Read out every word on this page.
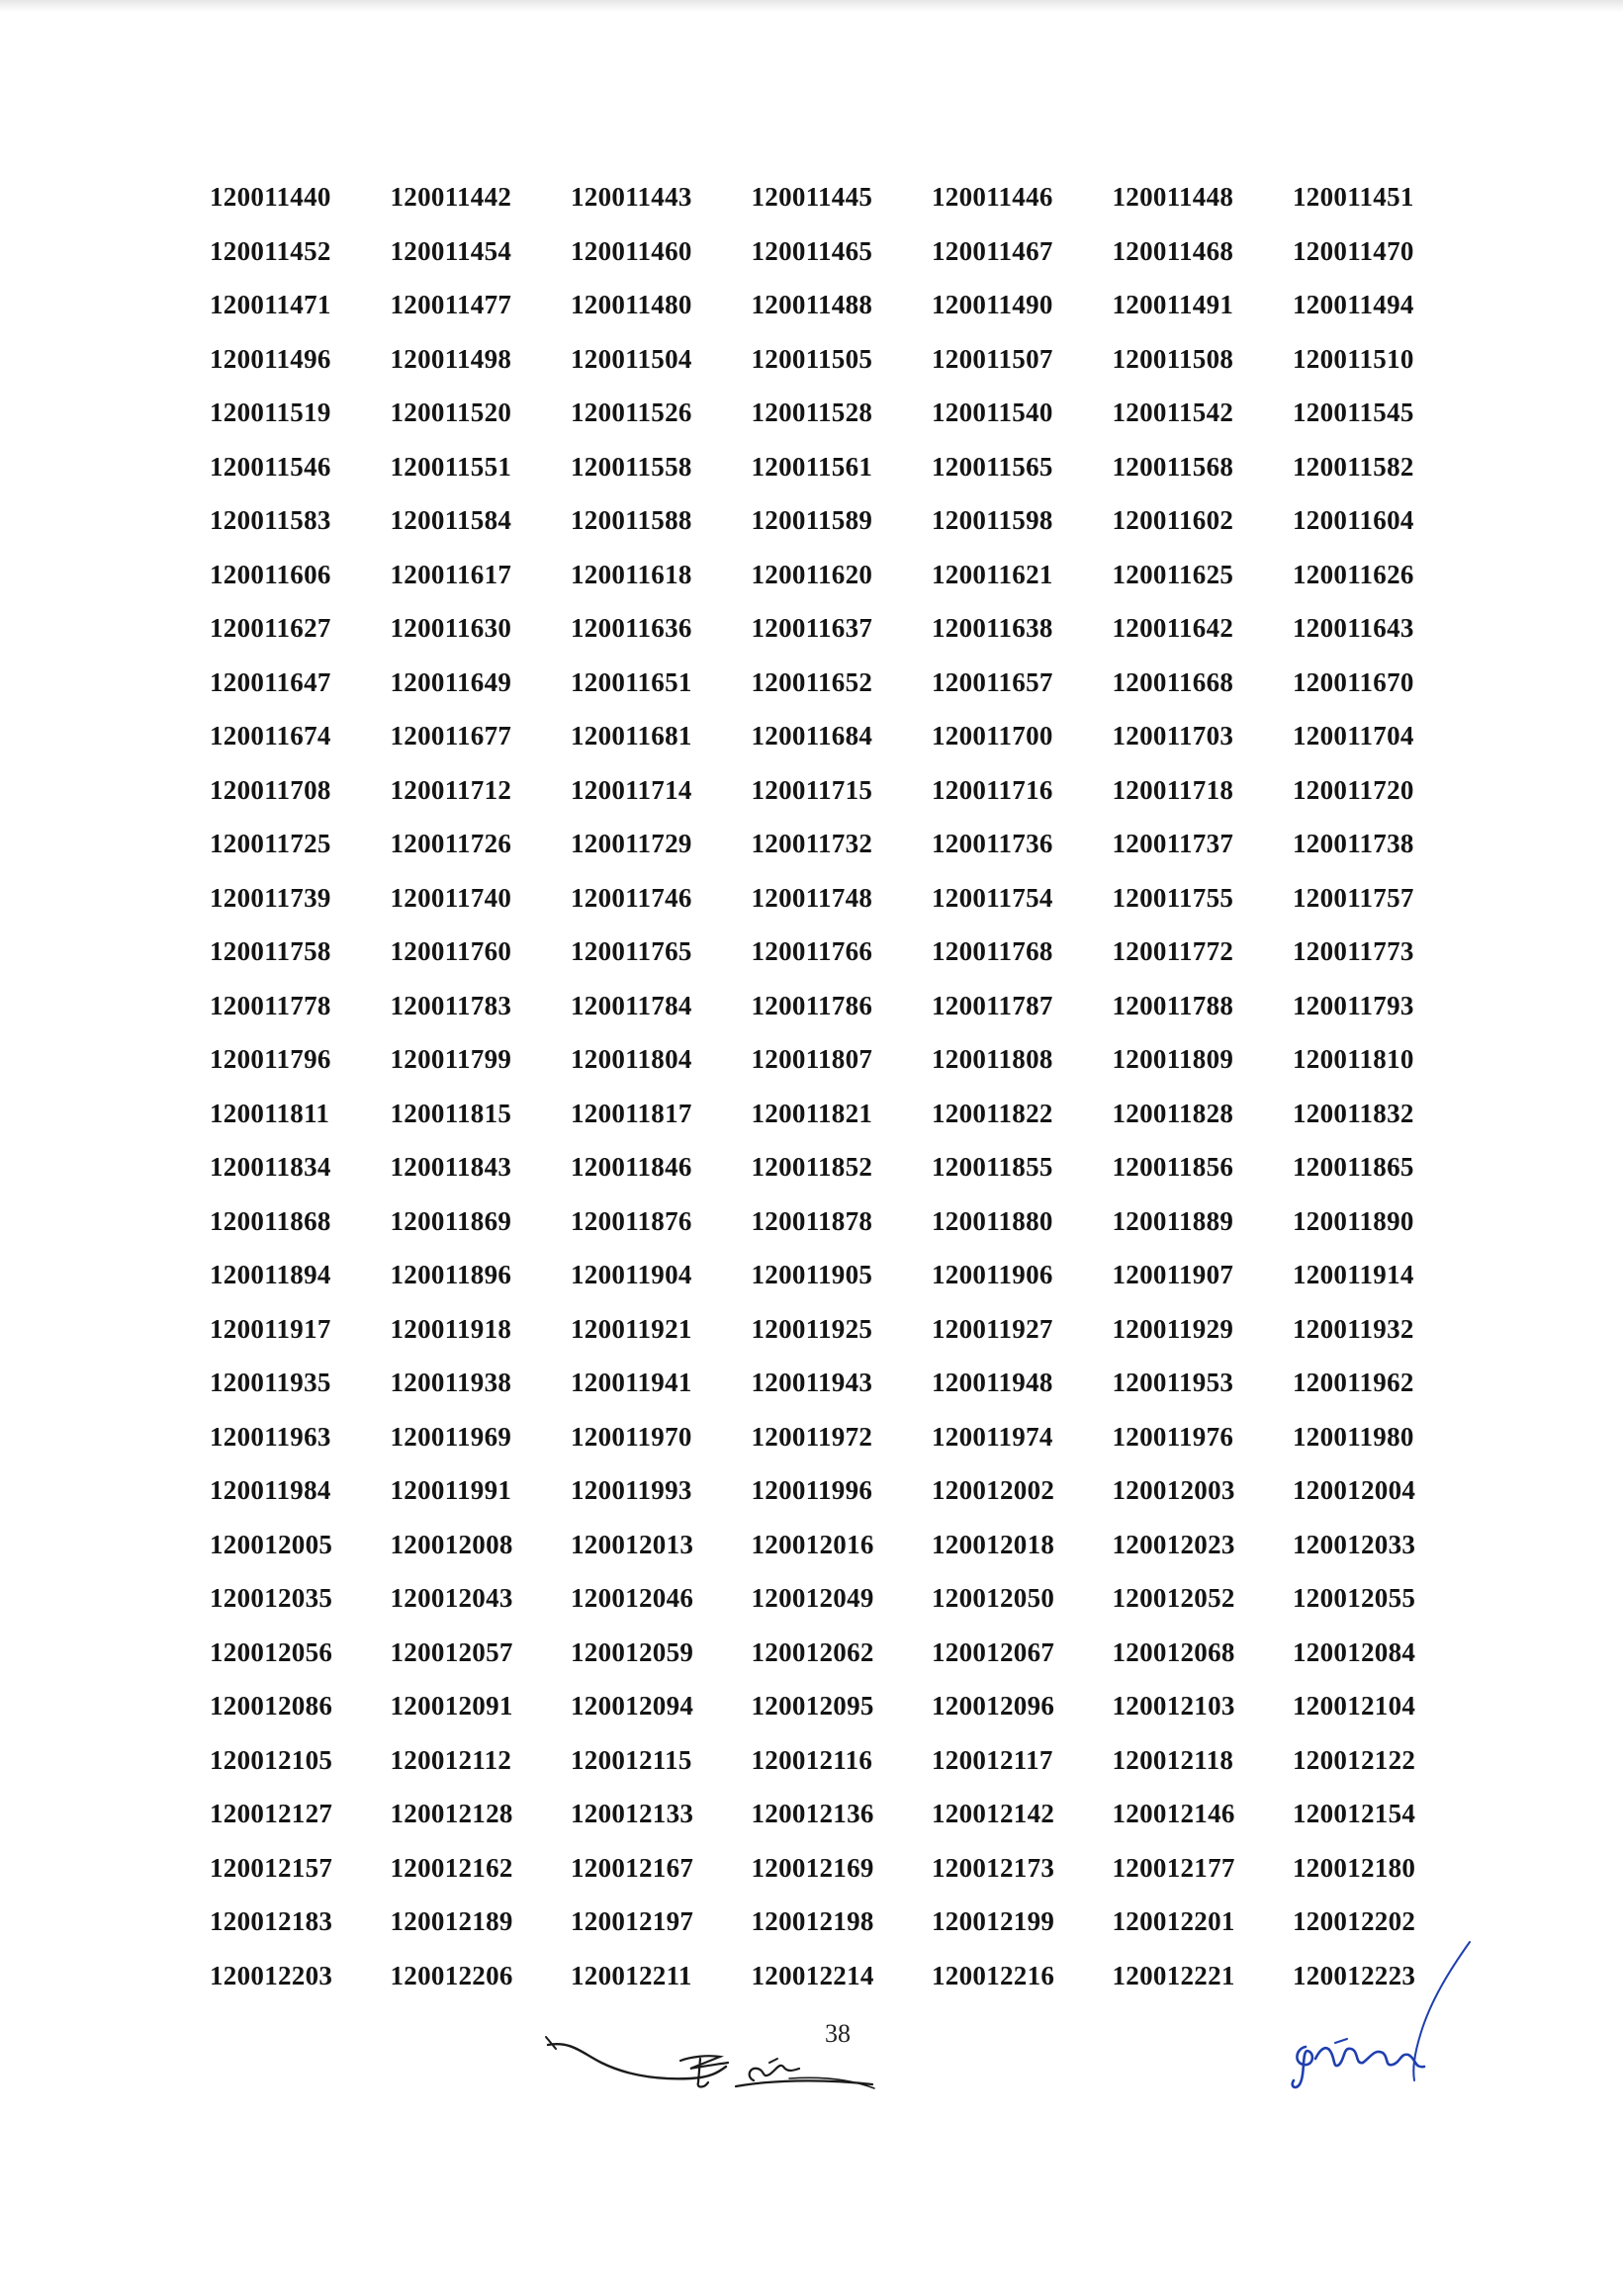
120011440	120011442	120011443	120011445	120011446	120011448	120011451
120011452	120011454	120011460	120011465	120011467	120011468	120011470
120011471	120011477	120011480	120011488	120011490	120011491	120011494
120011496	120011498	120011504	120011505	120011507	120011508	120011510
120011519	120011520	120011526	120011528	120011540	120011542	120011545
120011546	120011551	120011558	120011561	120011565	120011568	120011582
120011583	120011584	120011588	120011589	120011598	120011602	120011604
120011606	120011617	120011618	120011620	120011621	120011625	120011626
120011627	120011630	120011636	120011637	120011638	120011642	120011643
120011647	120011649	120011651	120011652	120011657	120011668	120011670
120011674	120011677	120011681	120011684	120011700	120011703	120011704
120011708	120011712	120011714	120011715	120011716	120011718	120011720
120011725	120011726	120011729	120011732	120011736	120011737	120011738
120011739	120011740	120011746	120011748	120011754	120011755	120011757
120011758	120011760	120011765	120011766	120011768	120011772	120011773
120011778	120011783	120011784	120011786	120011787	120011788	120011793
120011796	120011799	120011804	120011807	120011808	120011809	120011810
120011811	120011815	120011817	120011821	120011822	120011828	120011832
120011834	120011843	120011846	120011852	120011855	120011856	120011865
120011868	120011869	120011876	120011878	120011880	120011889	120011890
120011894	120011896	120011904	120011905	120011906	120011907	120011914
120011917	120011918	120011921	120011925	120011927	120011929	120011932
120011935	120011938	120011941	120011943	120011948	120011953	120011962
120011963	120011969	120011970	120011972	120011974	120011976	120011980
120011984	120011991	120011993	120011996	120012002	120012003	120012004
120012005	120012008	120012013	120012016	120012018	120012023	120012033
120012035	120012043	120012046	120012049	120012050	120012052	120012055
120012056	120012057	120012059	120012062	120012067	120012068	120012084
120012086	120012091	120012094	120012095	120012096	120012103	120012104
120012105	120012112	120012115	120012116	120012117	120012118	120012122
120012127	120012128	120012133	120012136	120012142	120012146	120012154
120012157	120012162	120012167	120012169	120012173	120012177	120012180
120012183	120012189	120012197	120012198	120012199	120012201	120012202
120012203	120012206	120012211	120012214	120012216	120012221	120012223
38
